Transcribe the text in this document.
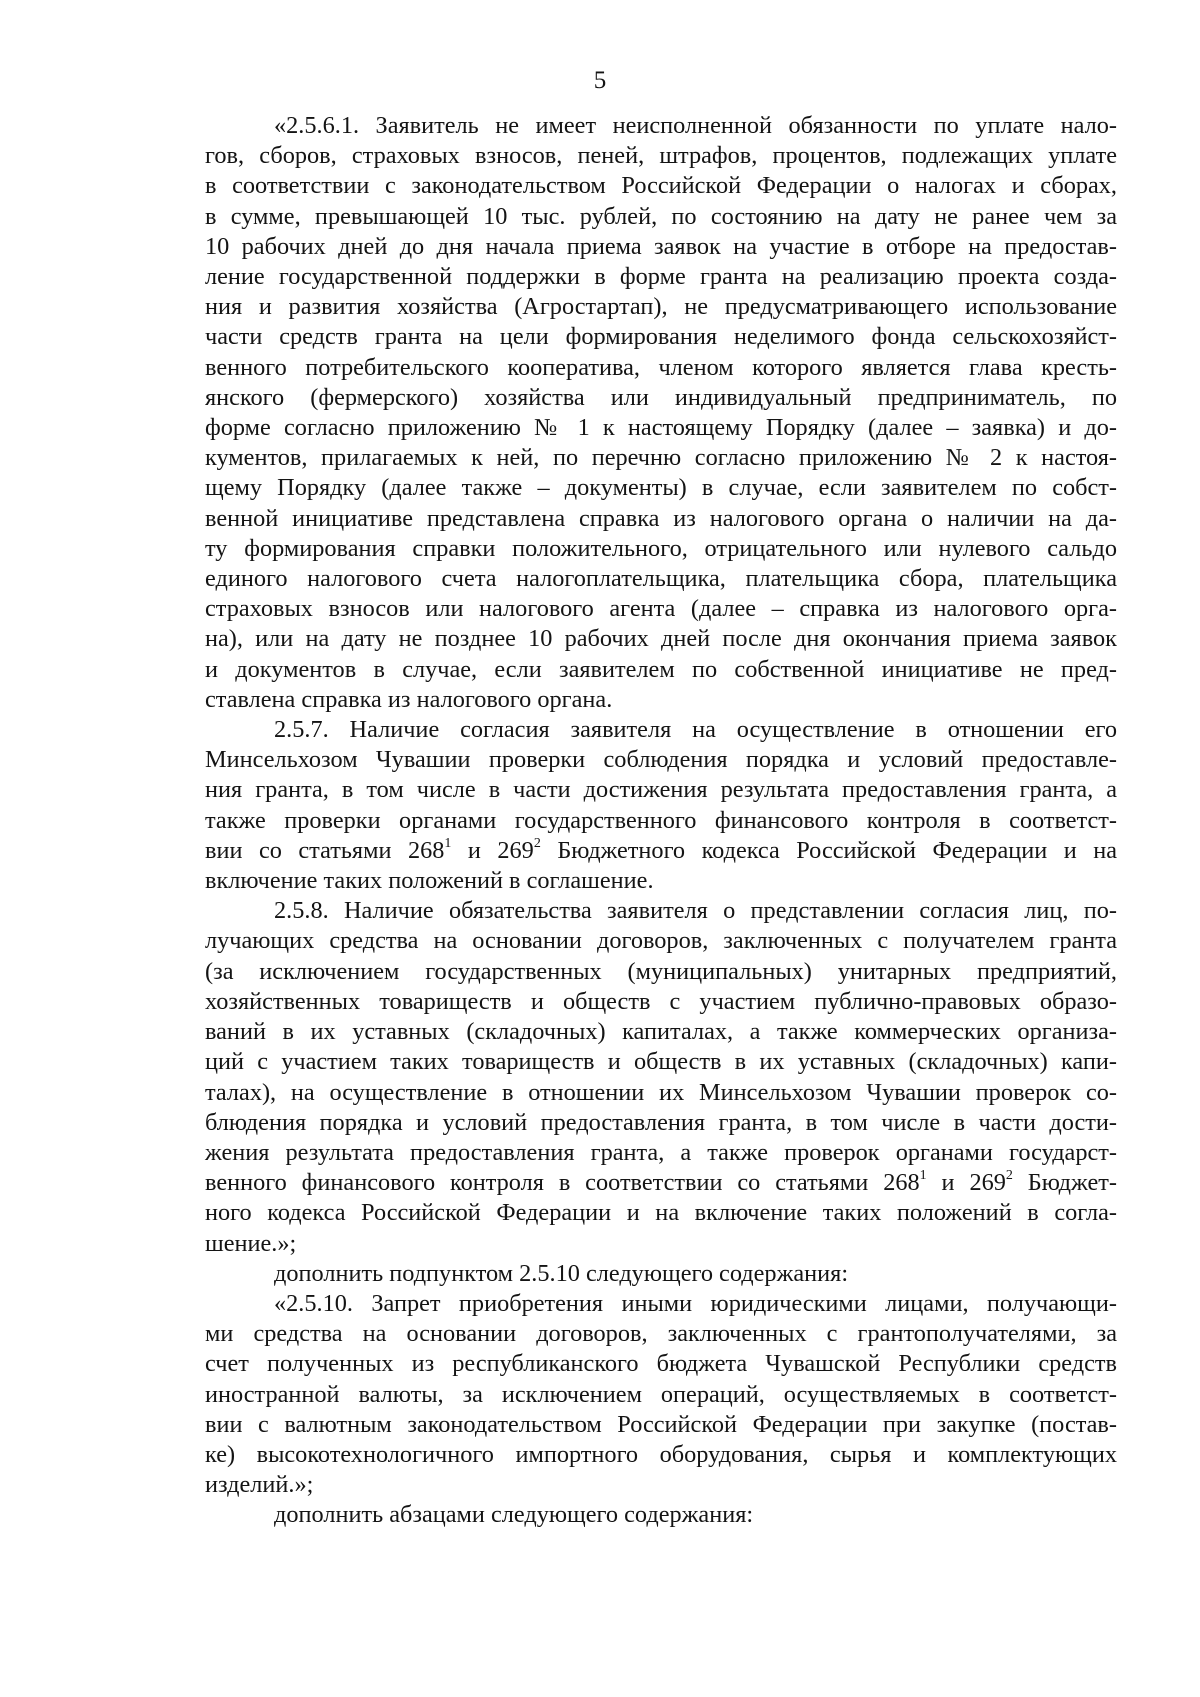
5
«2.5.6.1. Заявитель не имеет неисполненной обязанности по уплате нало-
гов, сборов, страховых взносов, пеней, штрафов, процентов, подлежащих уплате
в соответствии с законодательством Российской Федерации о налогах и сборах,
в сумме, превышающей 10 тыс. рублей, по состоянию на дату не ранее чем за
10 рабочих дней до дня начала приема заявок на участие в отборе на предостав-
ление государственной поддержки в форме гранта на реализацию проекта созда-
ния и развития хозяйства (Агростартап), не предусматривающего использование
части средств гранта на цели формирования неделимого фонда сельскохозяйст-
венного потребительского кооператива, членом которого является глава кресть-
янского (фермерского) хозяйства или индивидуальный предприниматель, по
форме согласно приложению № 1 к настоящему Порядку (далее – заявка) и до-
кументов, прилагаемых к ней, по перечню согласно приложению № 2 к настоя-
щему Порядку (далее также – документы) в случае, если заявителем по собст-
венной инициативе представлена справка из налогового органа о наличии на да-
ту формирования справки положительного, отрицательного или нулевого сальдо
единого налогового счета налогоплательщика, плательщика сбора, плательщика
страховых взносов или налогового агента (далее – справка из налогового орга-
на), или на дату не позднее 10 рабочих дней после дня окончания приема заявок
и документов в случае, если заявителем по собственной инициативе не пред-
ставлена справка из налогового органа.
2.5.7. Наличие согласия заявителя на осуществление в отношении его
Минсельхозом Чувашии проверки соблюдения порядка и условий предоставле-
ния гранта, в том числе в части достижения результата предоставления гранта, а
также проверки органами государственного финансового контроля в соответст-
вии со статьями $268^1$ и $269^2$ Бюджетного кодекса Российской Федерации и на
включение таких положений в соглашение.
2.5.8. Наличие обязательства заявителя о представлении согласия лиц, по-
лучающих средства на основании договоров, заключенных с получателем гранта
(за исключением государственных (муниципальных) унитарных предприятий,
хозяйственных товариществ и обществ с участием публично-правовых образо-
ваний в их уставных (складочных) капиталах, а также коммерческих организа-
ций с участием таких товариществ и обществ в их уставных (складочных) капи-
талах), на осуществление в отношении их Минсельхозом Чувашии проверок со-
блюдения порядка и условий предоставления гранта, в том числе в части дости-
жения результата предоставления гранта, а также проверок органами государст-
венного финансового контроля в соответствии со статьями $268^1$ и $269^2$ Бюджет-
ного кодекса Российской Федерации и на включение таких положений в согла-
шение.»;
дополнить подпунктом 2.5.10 следующего содержания:
«2.5.10. Запрет приобретения иными юридическими лицами, получающи-
ми средства на основании договоров, заключенных с грантополучателями, за
счет полученных из республиканского бюджета Чувашской Республики средств
иностранной валюты, за исключением операций, осуществляемых в соответст-
вии с валютным законодательством Российской Федерации при закупке (постав-
ке) высокотехнологичного импортного оборудования, сырья и комплектующих
изделий.»;
дополнить абзацами следующего содержания:
